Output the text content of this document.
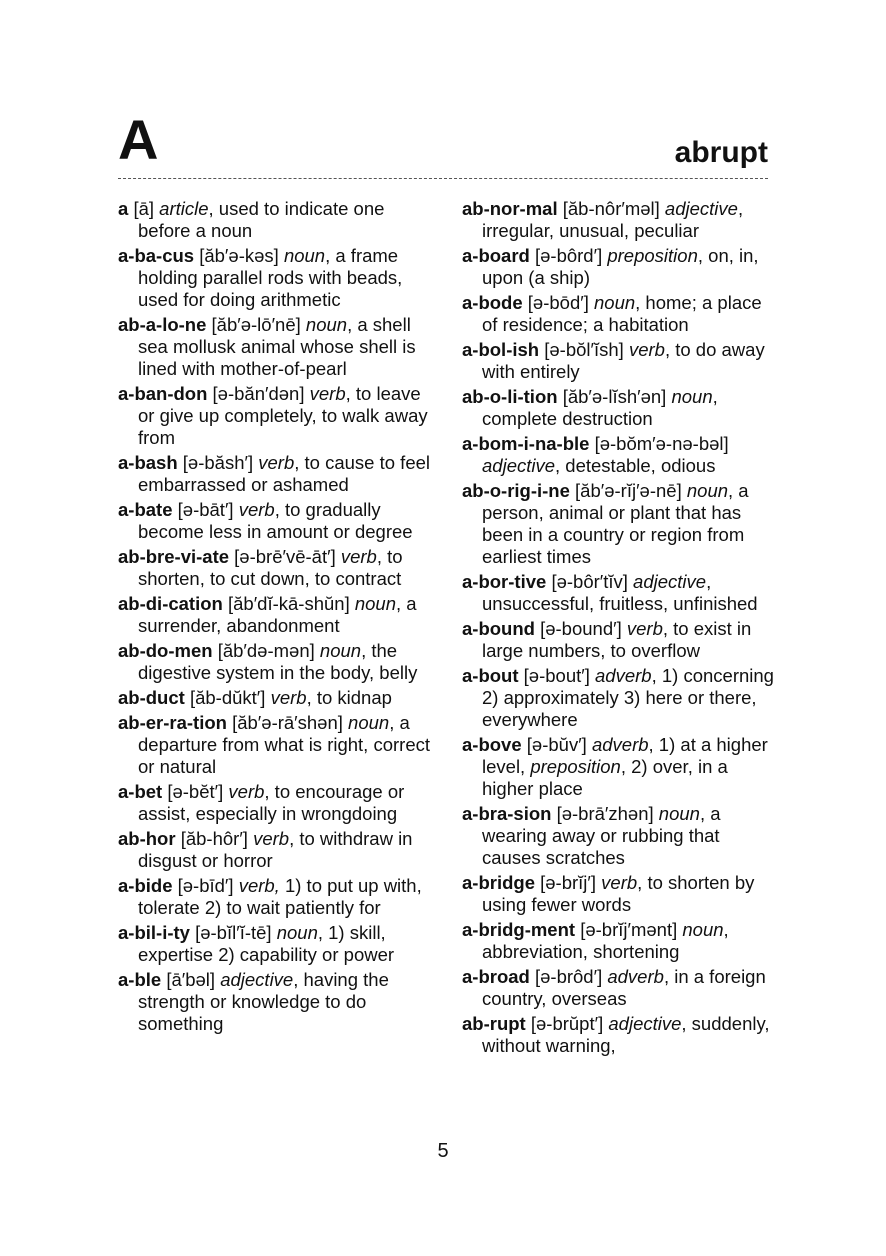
A	abrupt
a [ā] article, used to indicate one before a noun
a-ba-cus [ăb′ə-kəs] noun, a frame holding parallel rods with beads, used for doing arithmetic
ab-a-lo-ne [ăb′ə-lō′nē] noun, a shell sea mollusk animal whose shell is lined with mother-of-pearl
a-ban-don [ə-băn′dən] verb, to leave or give up completely, to walk away from
a-bash [ə-băsh′] verb, to cause to feel embarrassed or ashamed
a-bate [ə-bāt′] verb, to gradually become less in amount or degree
ab-bre-vi-ate [ə-brē′vē-āt′] verb, to shorten, to cut down, to contract
ab-di-cation [ăb′dĭ-kā-shŭn] noun, a surrender, abandonment
ab-do-men [ăb′də-mən] noun, the digestive system in the body, belly
ab-duct [ăb-dŭkt′] verb, to kidnap
ab-er-ra-tion [ăb′ə-rā′shən] noun, a departure from what is right, correct or natural
a-bet [ə-bĕt′] verb, to encourage or assist, especially in wrongdoing
ab-hor [ăb-hôr′] verb, to withdraw in disgust or horror
a-bide [ə-bīd′] verb, 1) to put up with, tolerate 2) to wait patiently for
a-bil-i-ty [ə-bĭl′ĭ-tē] noun, 1) skill, expertise 2) capability or power
a-ble [ā′bəl] adjective, having the strength or knowledge to do something
ab-nor-mal [ăb-nôr′məl] adjective, irregular, unusual, peculiar
a-board [ə-bôrd′] preposition, on, in, upon (a ship)
a-bode [ə-bōd′] noun, home; a place of residence; a habitation
a-bol-ish [ə-bŏl′ĭsh] verb, to do away with entirely
ab-o-li-tion [ăb′ə-lĭsh′ən] noun, complete destruction
a-bom-i-na-ble [ə-bŏm′ə-nə-bəl] adjective, detestable, odious
ab-o-rig-i-ne [ăb′ə-rĭj′ə-nē] noun, a person, animal or plant that has been in a country or region from earliest times
a-bor-tive [ə-bôr′tĭv] adjective, unsuccessful, fruitless, unfinished
a-bound [ə-bound′] verb, to exist in large numbers, to overflow
a-bout [ə-bout′] adverb, 1) concerning 2) approximately 3) here or there, everywhere
a-bove [ə-bŭv′] adverb, 1) at a higher level, preposition, 2) over, in a higher place
a-bra-sion [ə-brā′zhən] noun, a wearing away or rubbing that causes scratches
a-bridge [ə-brĭj′] verb, to shorten by using fewer words
a-bridg-ment [ə-brĭj′mənt] noun, abbreviation, shortening
a-broad [ə-brôd′] adverb, in a foreign country, overseas
ab-rupt [ə-brŭpt′] adjective, suddenly, without warning,
5
